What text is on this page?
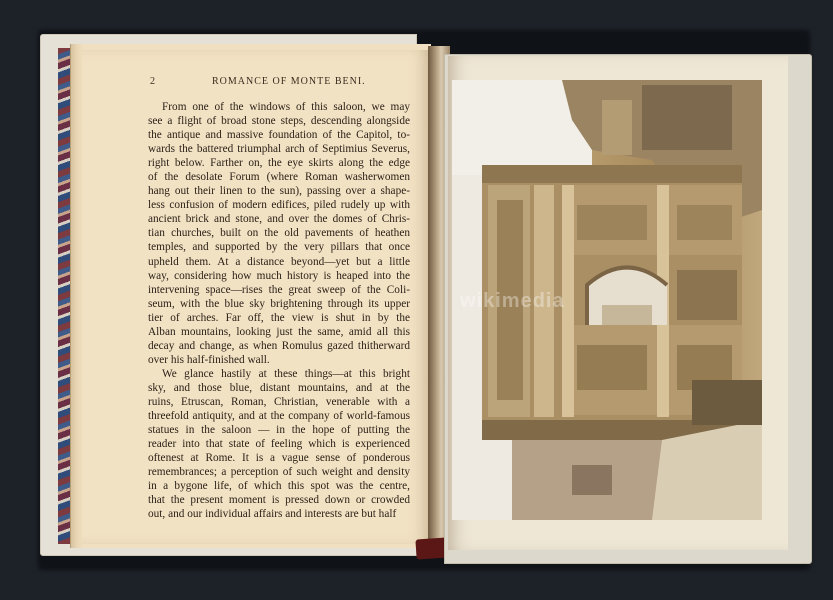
2	ROMANCE OF MONTE BENI.
From one of the windows of this saloon, we may
see a flight of broad stone steps, descending alongside
the antique and massive foundation of the Capitol, to-
wards the battered triumphal arch of Septimius Severus,
right below. Farther on, the eye skirts along the edge
of the desolate Forum (where Roman washerwomen
hang out their linen to the sun), passing over a shape-
less confusion of modern edifices, piled rudely up with
ancient brick and stone, and over the domes of Chris-
tian churches, built on the old pavements of heathen
temples, and supported by the very pillars that once
upheld them. At a distance beyond—yet but a little
way, considering how much history is heaped into the
intervening space—rises the great sweep of the Coli-
seum, with the blue sky brightening through its upper
tier of arches. Far off, the view is shut in by the
Alban mountains, looking just the same, amid all this
decay and change, as when Romulus gazed thitherward
over his half-finished wall.
We glance hastily at these things—at this bright
sky, and those blue, distant mountains, and at the
ruins, Etruscan, Roman, Christian, venerable with a
threefold antiquity, and at the company of world-famous
statues in the saloon — in the hope of putting the
reader into that state of feeling which is experienced
oftenest at Rome. It is a vague sense of ponderous
remembrances; a perception of such weight and density
in a bygone life, of which this spot was the centre,
that the present moment is pressed down or crowded
out, and our individual affairs and interests are but half
wikimedia
